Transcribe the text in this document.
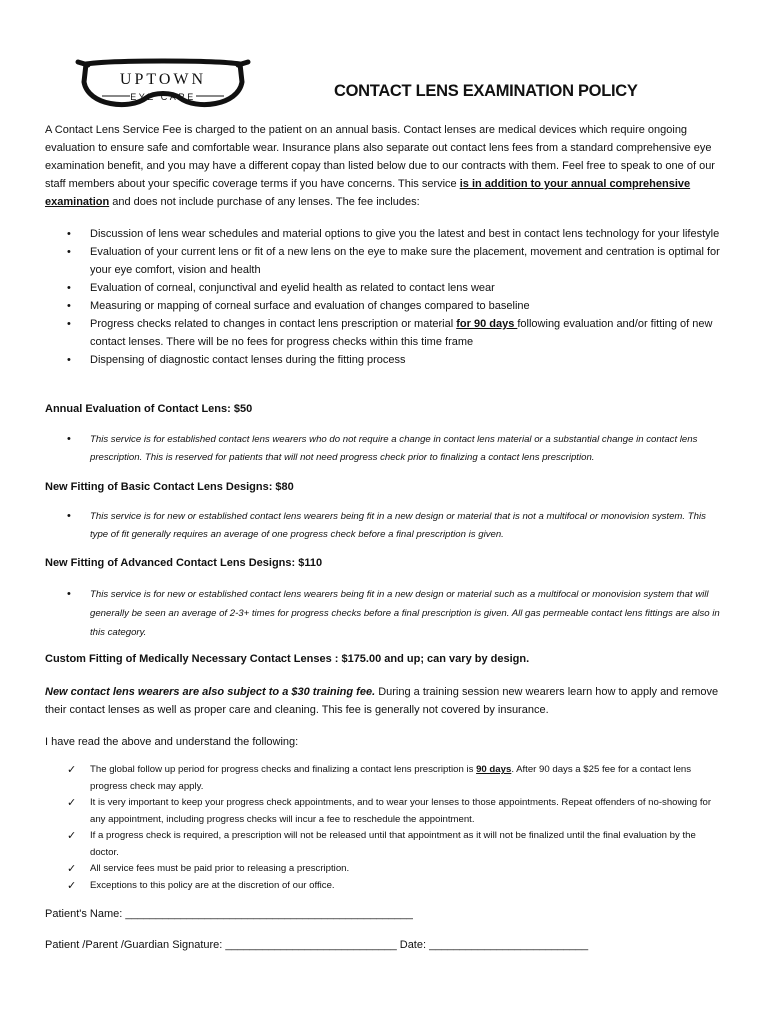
UPTOWN
EYE CARE	CONTACT LENS EXAMINATION POLICY

A Contact Lens Service Fee is charged to the patient on an annual basis. Contact lenses are medical devices which require ongoing evaluation to ensure safe and comfortable wear. Insurance plans also separate out contact lens fees from a standard comprehensive eye examination benefit, and you may have a different copay than listed below due to our contracts with them. Feel free to speak to one of our staff members about your specific coverage terms if you have concerns. This service is in addition to your annual comprehensive examination and does not include purchase of any lenses. The fee includes:

• Discussion of lens wear schedules and material options to give you the latest and best in contact lens technology for your lifestyle
• Evaluation of your current lens or fit of a new lens on the eye to make sure the placement, movement and centration is optimal for your eye comfort, vision and health
• Evaluation of corneal, conjunctival and eyelid health as related to contact lens wear
• Measuring or mapping of corneal surface and evaluation of changes compared to baseline
• Progress checks related to changes in contact lens prescription or material for 90 days following evaluation and/or fitting of new contact lenses. There will be no fees for progress checks within this time frame
• Dispensing of diagnostic contact lenses during the fitting process
Annual Evaluation of Contact Lens: $50
• This service is for established contact lens wearers who do not require a change in contact lens material or a substantial change in contact lens prescription. This is reserved for patients that will not need progress check prior to finalizing a contact lens prescription.
New Fitting of Basic Contact Lens Designs: $80
• This service is for new or established contact lens wearers being fit in a new design or material that is not a multifocal or monovision system. This type of fit generally requires an average of one progress check before a final prescription is given.
New Fitting of Advanced Contact Lens Designs: $110
• This service is for new or established contact lens wearers being fit in a new design or material such as a multifocal or monovision system that will generally be seen an average of 2-3+ times for progress checks before a final prescription is given. All gas permeable contact lens fittings are also in this category.
Custom Fitting of Medically Necessary Contact Lenses : $175.00 and up; can vary by design.

New contact lens wearers are also subject to a $30 training fee. During a training session new wearers learn how to apply and remove their contact lenses as well as proper care and cleaning. This fee is generally not covered by insurance.

I have read the above and understand the following:

✓ The global follow up period for progress checks and finalizing a contact lens prescription is 90 days. After 90 days a $25 fee for a contact lens progress check may apply.
✓ It is very important to keep your progress check appointments, and to wear your lenses to those appointments. Repeat offenders of no-showing for any appointment, including progress checks will incur a fee to reschedule the appointment.
✓ If a progress check is required, a prescription will not be released until that appointment as it will not be finalized until the final evaluation by the doctor.
✓ All service fees must be paid prior to releasing a prescription.
✓ Exceptions to this policy are at the discretion of our office.

Patient's Name: _______________________________________________

Patient /Parent /Guardian Signature: ____________________________ Date: __________________________
